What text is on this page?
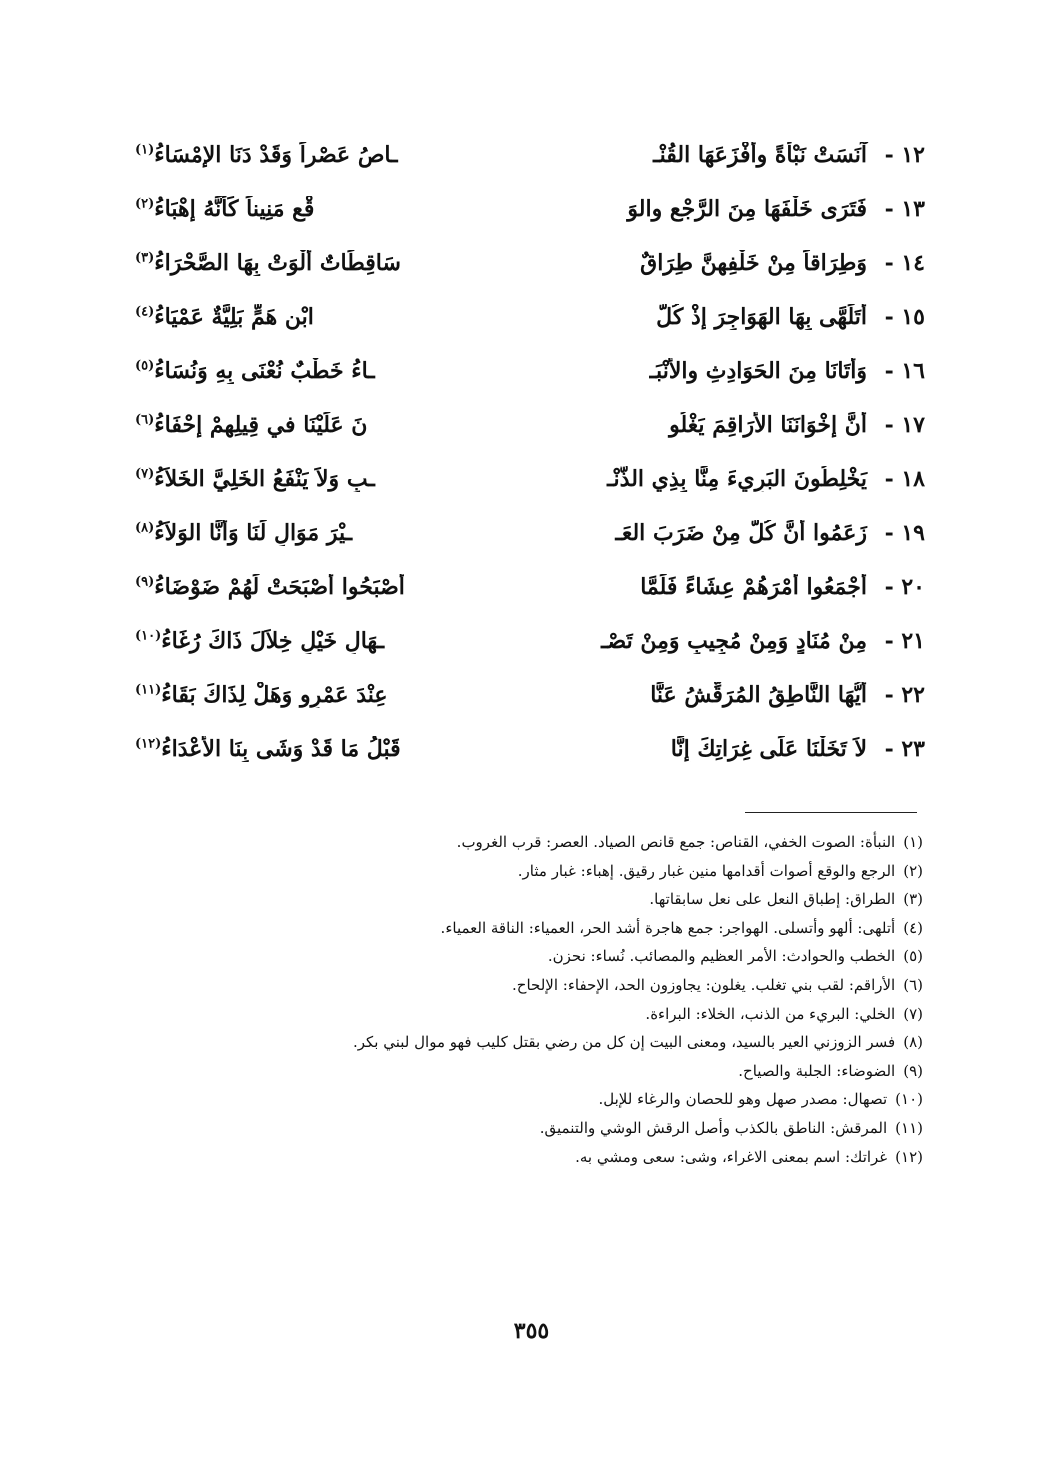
١٢ -آنَسَتْ نَبْأَةً وأَفْزَعَهَا القُنْـ
ـاصُ عَصْراً وَقَدْ دَنَا الإِمْسَاءُ$^{(١)}$
١٣ -فَتَرَى خَلْفَهَا مِنَ الرَّجْعِ والوَ
قْعِ مَنِيناً كَأَنَّهُ إهْبَاءُ$^{(٢)}$
١٤ -وَطِرَاقاً مِنْ خَلْفِهِنَّ طِرَاقٌ
سَاقِطَاتٌ أَلْوَتْ بِهَا الصَّحْرَاءُ$^{(٣)}$
١٥ -أَتَلَهَّى بِهَا الهَوَاجِرَ إِذْ كُلُّ
ابْنِ هَمٍّ بَلِيَّةٌ عَمْيَاءُ$^{(٤)}$
١٦ -وَأَتَانَا مِنَ الحَوَادِثِ والأَنْبَـ
ـاءُ خَطْبٌ نُعْنَى بِهِ وَنُسَاءُ$^{(٥)}$
١٧ -أَنَّ إِخْوَانَنَا الأَرَاقِمَ يَغْلُو
نَ عَلَيْنَا في قِيلِهِمْ إِحْفَاءُ$^{(٦)}$
١٨ -يَخْلِطُونَ البَرِيءَ مِنَّا بِذِي الذَّنْـ
ـبِ وَلاَ يَنْفَعُ الخَلِيَّ الخَلاَءُ$^{(٧)}$
١٩ -زَعَمُوا أَنَّ كُلَّ مِنْ ضَرَبَ العَـ
ـيْرَ مَوَالٍ لَنَا وَأَنَّا الوَلاَءُ$^{(٨)}$
٢٠ -أَجْمَعُوا أَمْرَهُمْ عِشَاءً فَلَمَّا
أَصْبَحُوا أَصْبَحَتْ لَهُمْ ضَوْضَاءُ$^{(٩)}$
٢١ -مِنْ مُنَادٍ وَمِنْ مُجِيبٍ وَمِنْ تَصْـ
ـهَالِ خَيْلٍ خِلاَلَ ذَاكَ رُغَاءُ$^{(١٠)}$
٢٢ -أَيُّهَا النَّاطِقُ المُرَقِّشُ عَنَّا
عِنْدَ عَمْرٍو وَهَلْ لِذَاكَ بَقَاءُ$^{(١١)}$
٢٣ -لاَ تَخَلْنَا عَلَى غِرَاتِكَ إِنَّا
قَبْلُ مَا قَدْ وَشَى بِنَا الأَعْدَاءُ$^{(١٢)}$
(١)النبأة: الصوت الخفي، القناص: جمع قانص الصياد. العصر: قرب الغروب.
(٢)الرجع والوقع أصوات أقدامها منين غبار رقيق. إهباء: غبار مثار.
(٣)الطراق: إطباق النعل على نعل سابقاتها.
(٤)أتلهى: ألهو وأتسلى. الهواجر: جمع هاجرة أشد الحر، العمياء: الناقة العمياء.
(٥)الخطب والحوادث: الأمر العظيم والمصائب. نُساء: نحزن.
(٦)الأراقم: لقب بني تغلب. يغلون: يجاوزون الحد، الإحفاء: الإلحاح.
(٧)الخلي: البريء من الذنب، الخلاء: البراءة.
(٨)فسر الزوزني العير بالسيد، ومعنى البيت إن كل من رضي بقتل كليب فهو موال لبني بكر.
(٩)الضوضاء: الجلبة والصياح.
(١٠)تصهال: مصدر صهل وهو للحصان والرغاء للإبل.
(١١)المرقش: الناطق بالكذب وأصل الرقش الوشي والتنميق.
(١٢)غراتك: اسم بمعنى الاغراء، وشى: سعى ومشي به.
٣٥٥
